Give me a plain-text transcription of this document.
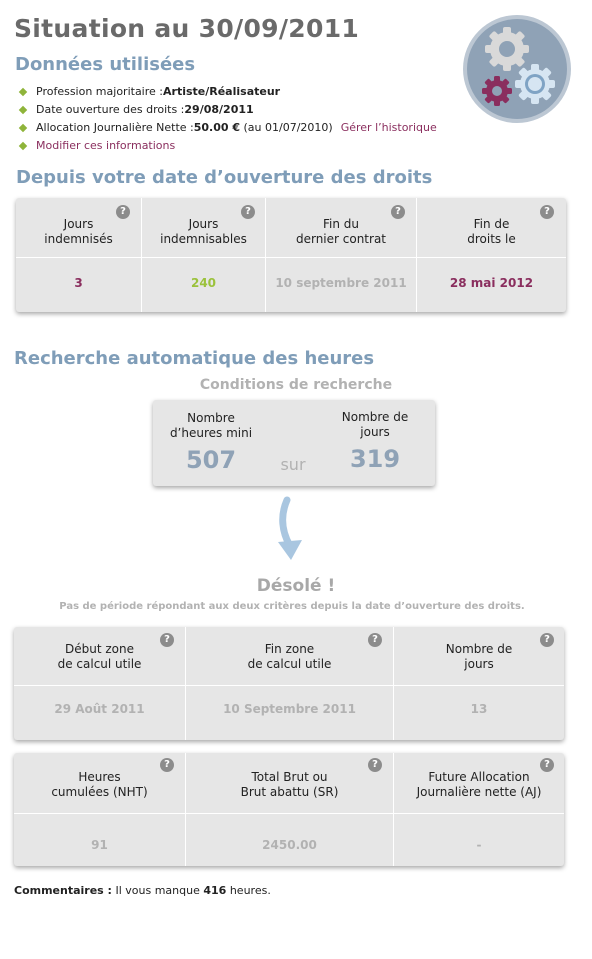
Situation au 30/09/2011
Données utilisées
Profession majoritaire : Artiste/Réalisateur
Date ouverture des droits : 29/08/2011
Allocation Journalière Nette : 50.00 € (au 01/07/2010) Gérer l’historique
Modifier ces informations
Depuis votre date d’ouverture des droits
?
Jours
indemnisés
3
?
Jours
indemnisables
240
?
Fin du
dernier contrat
10 septembre 2011
?
Fin de
droits le
28 mai 2012
Recherche automatique des heures
Conditions de recherche
Nombre
d’heures mini
507	sur
Nombre de
jours
319
Désolé !
Pas de période répondant aux deux critères depuis la date d’ouverture des droits.
?
Début zone
de calcul utile
29 Août 2011
?
Fin zone
de calcul utile
10 Septembre 2011
?
Nombre de
jours
13
?
Heures
cumulées (NHT)
91
?
Total Brut ou
Brut abattu (SR)
2450.00
?
Future Allocation
Journalière nette (AJ)
-
Commentaires : Il vous manque 416 heures.
